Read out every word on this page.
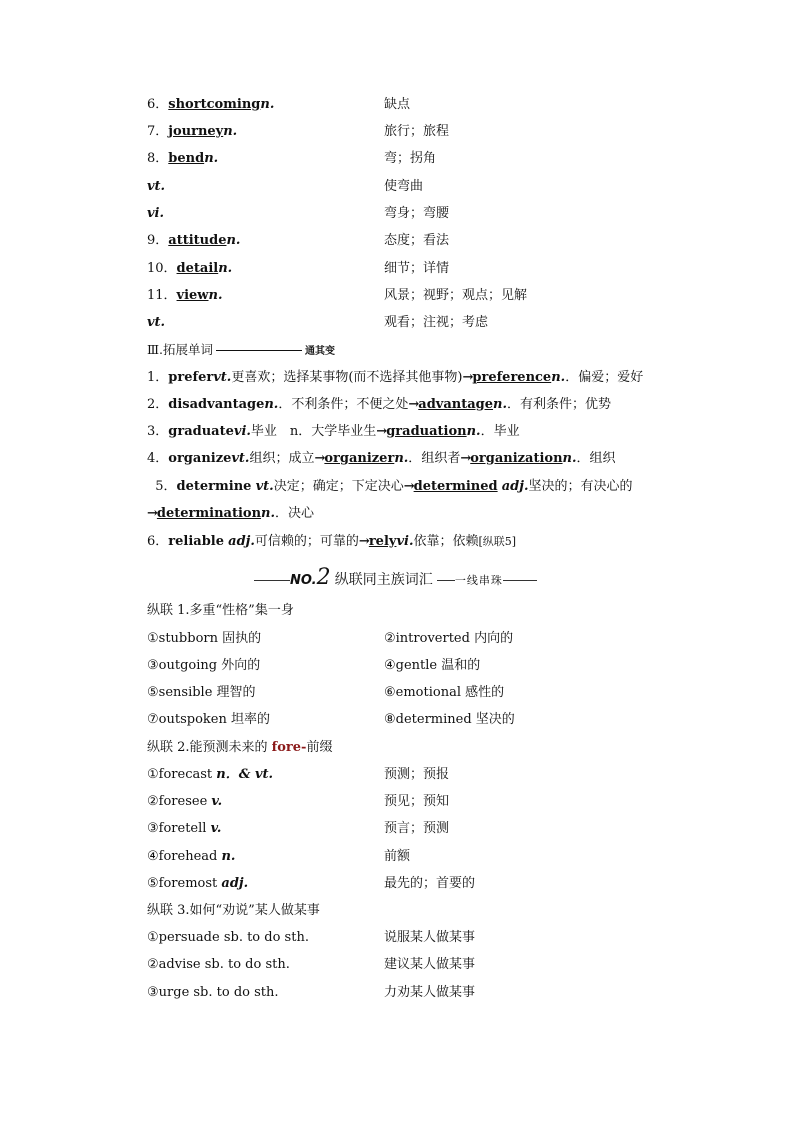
6．shortcomingn.	缺点
7．journeyn.	旅行；旅程
8．bendn.	弯；拐角
vt.	使弯曲
vi.	弯身；弯腰
9．attituden.	态度；看法
10．detailn.	细节；详情
11．viewn.	风景；视野；观点；见解
vt.	观看；注视；考虑
Ⅲ.拓展单词	通其变
1．prefervt.更喜欢；选择某事物(而不选择其他事物)→preferencen.．偏爱；爱好
2．disadvantagen.．不利条件；不便之处→advantagen.．有利条件；优势
3．graduatevi.毕业　n．大学毕业生→graduationn.．毕业
4．organizevt.组织；成立→organizern.．组织者→organizationn.．组织
5．determine vt.决定；确定；下定决心→determined adj.坚决的；有决心的
→determinationn.．决心
6．reliable adj.可信赖的；可靠的→relyvi.依靠；依赖[纵联5]
NO.2 纵联同主族词汇 一线串珠
纵联 1.多重“性格”集一身
①stubborn 固执的	②introverted 内向的
③outgoing 外向的	④gentle 温和的
⑤sensible 理智的	⑥emotional 感性的
⑦outspoken 坦率的	⑧determined 坚决的
纵联 2.能预测未来的 fore-前缀
①forecast n．& vt.	预测；预报
②foresee v.	预见；预知
③foretell v.	预言；预测
④forehead n.	前额
⑤foremost adj.	最先的；首要的
纵联 3.如何“劝说”某人做某事
①persuade sb. to do sth.	说服某人做某事
②advise sb. to do sth.	建议某人做某事
③urge sb. to do sth.	力劝某人做某事
